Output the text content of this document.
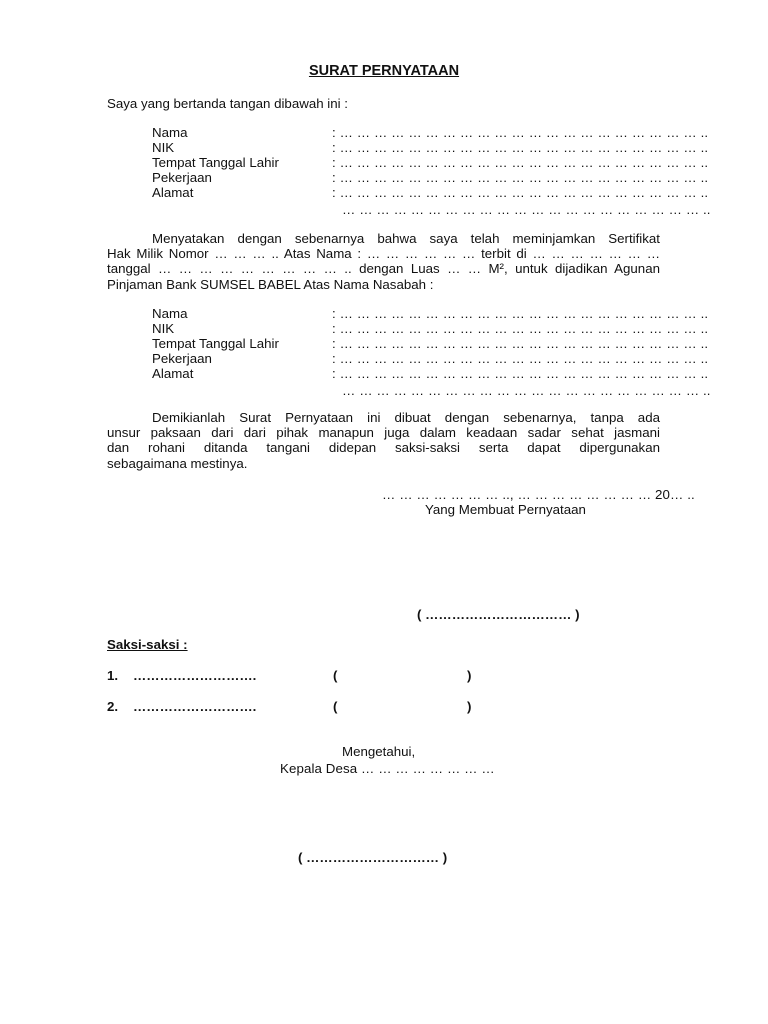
SURAT PERNYATAAN
Saya yang bertanda tangan dibawah ini :
Nama	: … … … … … … … … … … … … … … … … … … … … … ..
NIK	: … … … … … … … … … … … … … … … … … … … … … ..
Tempat Tanggal Lahir	: … … … … … … … … … … … … … … … … … … … … … ..
Pekerjaan	: … … … … … … … … … … … … … … … … … … … … … ..
Alamat	: … … … … … … … … … … … … … … … … … … … … … ..
… … … … … … … … … … … … … … … … … … … … … ..
Menyatakan dengan sebenarnya bahwa saya telah meminjamkan Sertifikat
Hak Milik Nomor … … … .. Atas Nama : … … … … … … terbit di … … … … … … …
tanggal … … … … … … … … … .. dengan Luas … … M², untuk dijadikan Agunan
Pinjaman Bank SUMSEL BABEL Atas Nama Nasabah :
Nama	: … … … … … … … … … … … … … … … … … … … … … ..
NIK	: … … … … … … … … … … … … … … … … … … … … … ..
Tempat Tanggal Lahir	: … … … … … … … … … … … … … … … … … … … … … ..
Pekerjaan	: … … … … … … … … … … … … … … … … … … … … … ..
Alamat	: … … … … … … … … … … … … … … … … … … … … … ..
… … … … … … … … … … … … … … … … … … … … … ..
Demikianlah Surat Pernyataan ini dibuat dengan sebenarnya, tanpa ada
unsur paksaan dari dari pihak manapun juga dalam keadaan sadar sehat jasmani
dan rohani ditanda tangani didepan saksi-saksi serta dapat dipergunakan
sebagaimana mestinya.
… … … … … … … .., … … … … … … … … 20… ..
Yang Membuat Pernyataan
( …………………………… )
Saksi-saksi :
1. ……………………….	(	)
2. ……………………….	(	)
Mengetahui,
Kepala Desa … … … … … … … …
( ………………………… )
